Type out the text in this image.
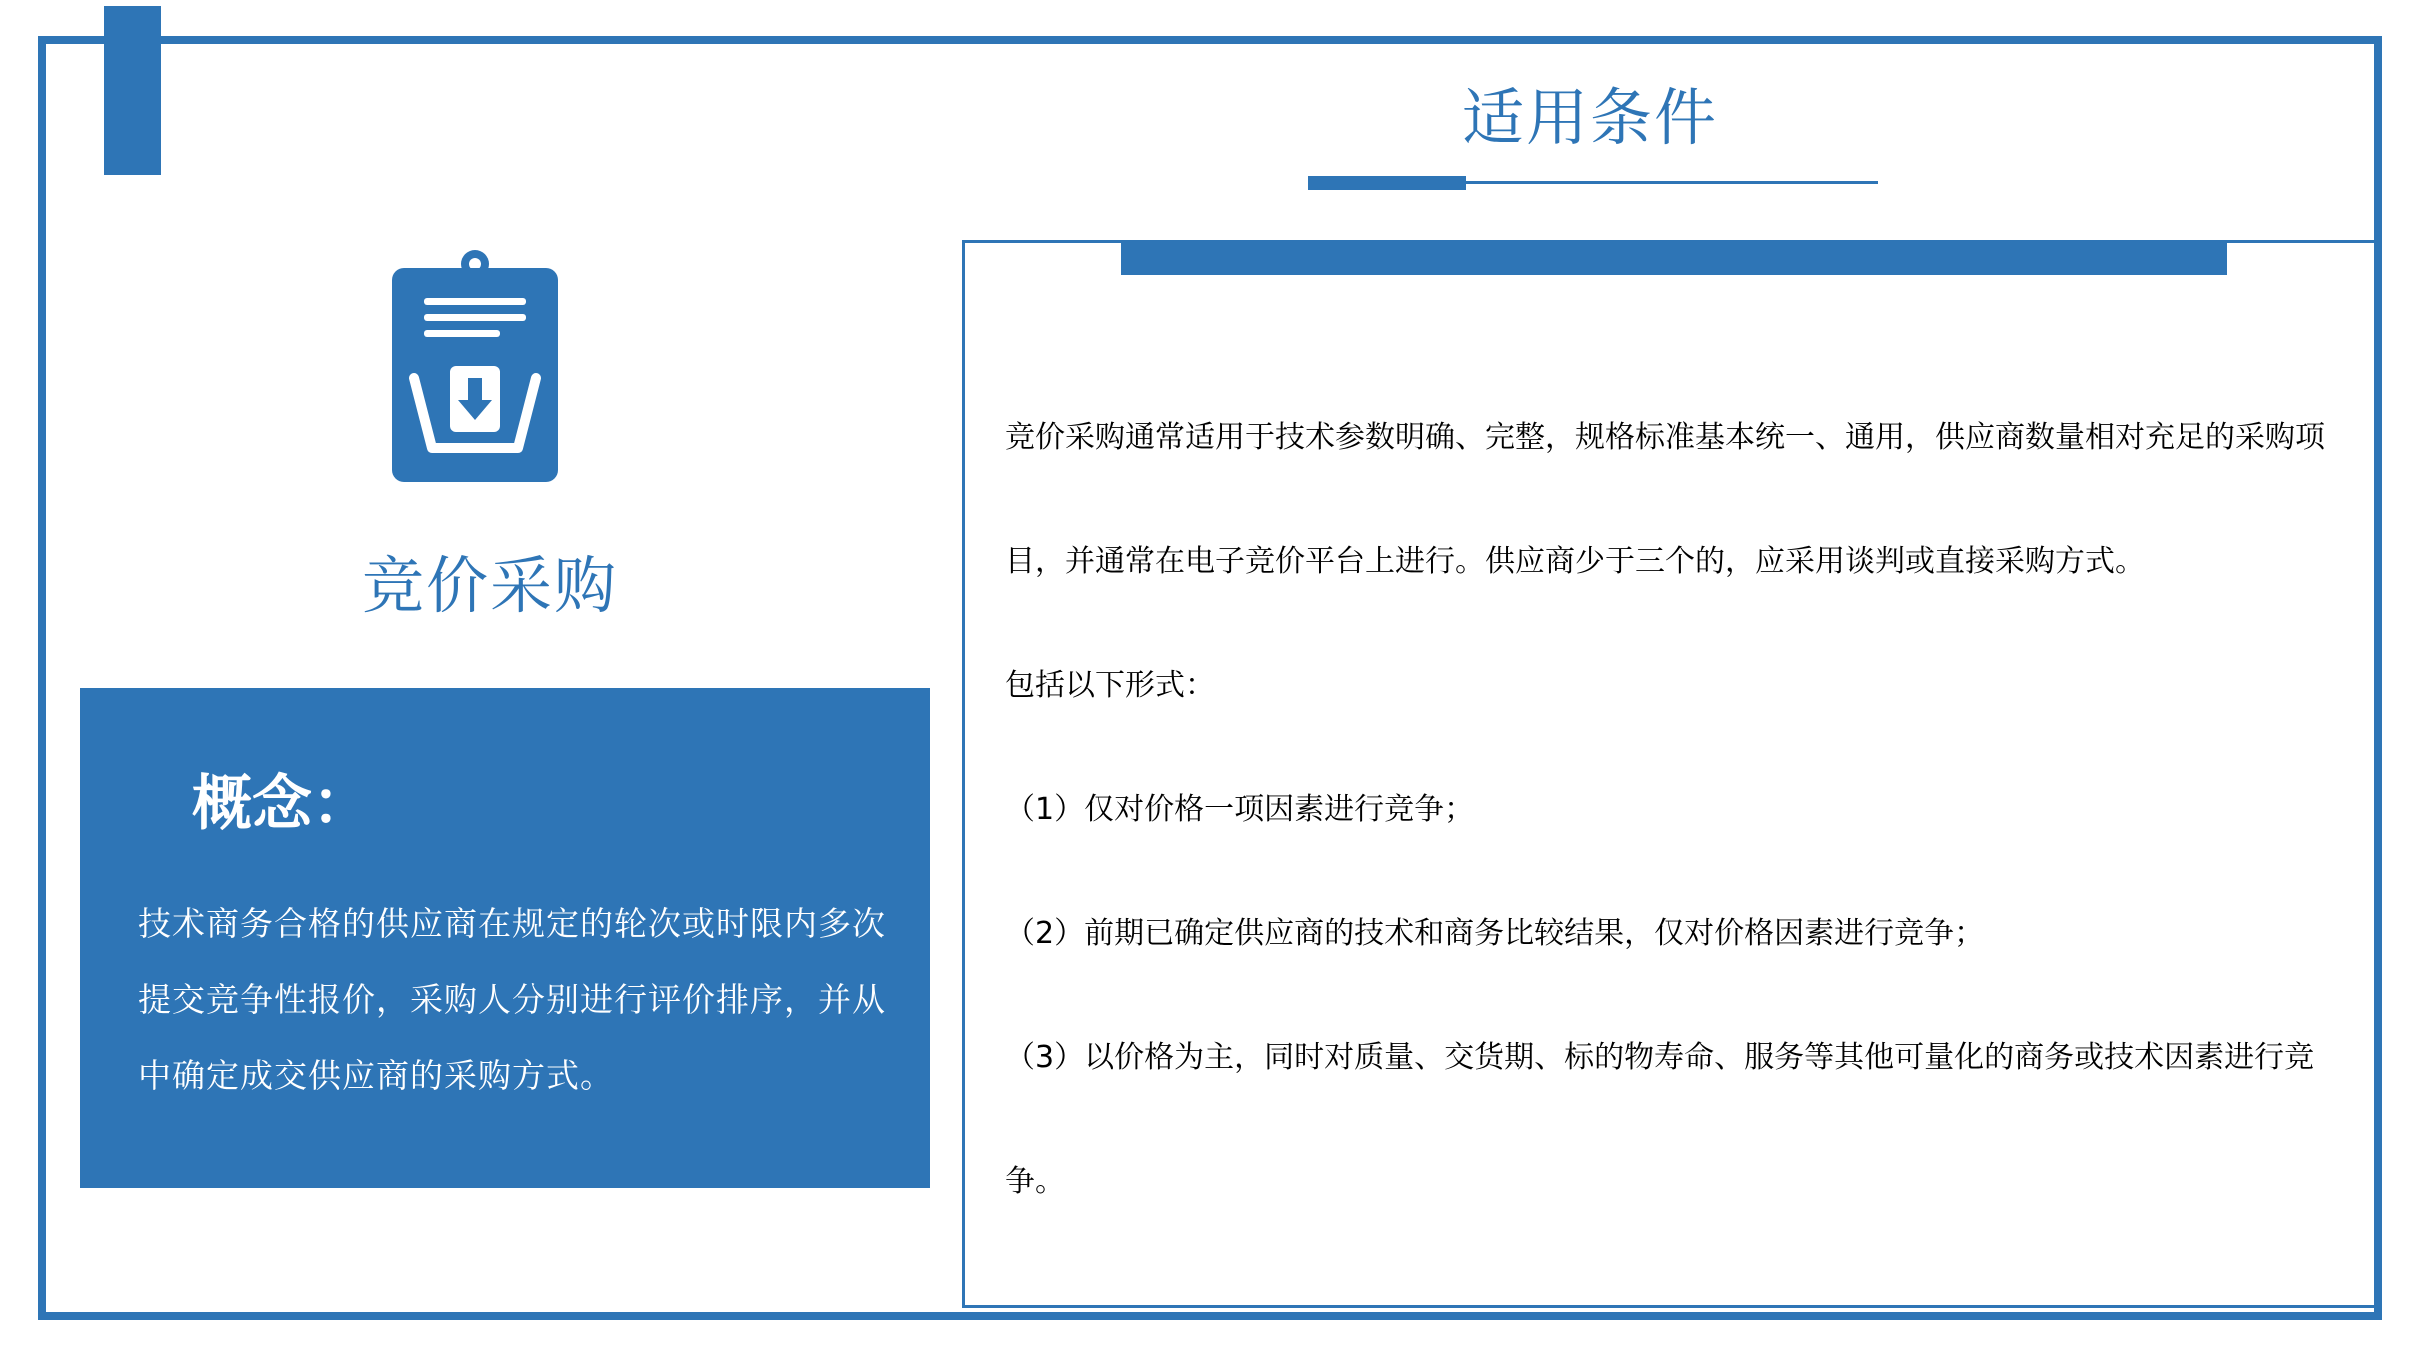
竞价采购
概念：
技术商务合格的供应商在规定的轮次或时限内多次提交竞争性报价，采购人分别进行评价排序，并从中确定成交供应商的采购方式。
适用条件

竞价采购通常适用于技术参数明确、完整，规格标准基本统一、通用，供应商数量相对充足的采购项目，并通常在电子竞价平台上进行。供应商少于三个的，应采用谈判或直接采购方式。

包括以下形式：

（1）仅对价格一项因素进行竞争；

（2）前期已确定供应商的技术和商务比较结果，仅对价格因素进行竞争；

（3）以价格为主，同时对质量、交货期、标的物寿命、服务等其他可量化的商务或技术因素进行竞争。
